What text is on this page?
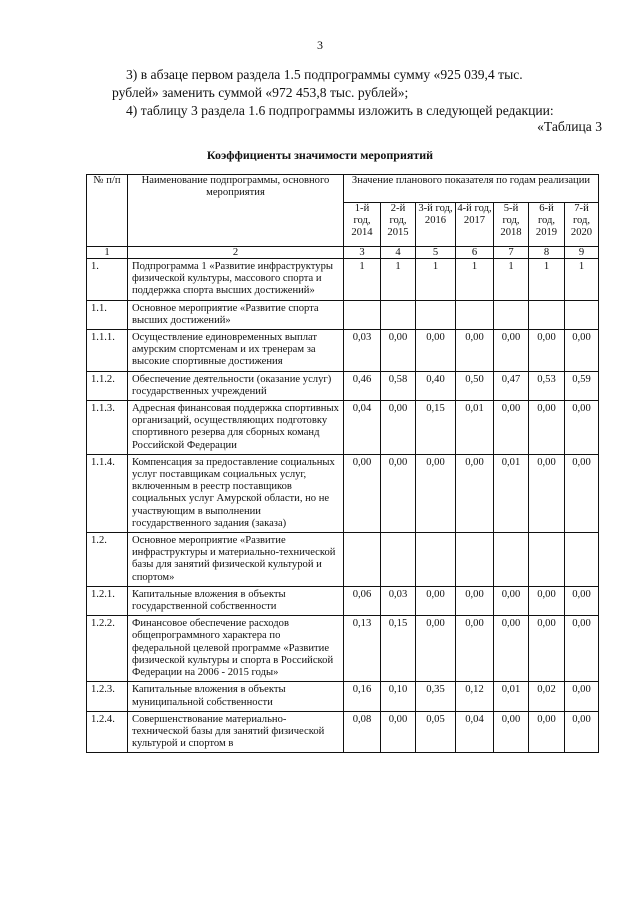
3
3) в абзаце первом раздела 1.5 подпрограммы сумму «925 039,4 тыс.
рублей» заменить суммой «972 453,8 тыс. рублей»;
4) таблицу 3 раздела 1.6 подпрограммы изложить в следующей редакции:
«Таблица 3
Коэффициенты значимости мероприятий
№ п/п	Наименование подпрограммы, основного мероприятия	Значение планового показателя по годам реализации						
		1-й год, 2014	2-й год, 2015	3-й год, 2016	4-й год, 2017	5-й год, 2018	6-й год, 2019	7-й год, 2020
1	2	3	4	5	6	7	8	9
1.	Подпрограмма 1 «Развитие инфраструктуры физической культуры, массового спорта и поддержка спорта высших достижений»	1	1	1	1	1	1	1
1.1.	Основное мероприятие «Развитие спорта высших достижений»							
1.1.1.	Осуществление единовременных выплат амурским спортсменам и их тренерам за высокие спортивные достижения	0,03	0,00	0,00	0,00	0,00	0,00	0,00
1.1.2.	Обеспечение деятельности (оказание услуг) государственных учреждений	0,46	0,58	0,40	0,50	0,47	0,53	0,59
1.1.3.	Адресная финансовая поддержка спортивных организаций, осуществляющих подготовку спортивного резерва для сборных команд Российской Федерации	0,04	0,00	0,15	0,01	0,00	0,00	0,00
1.1.4.	Компенсация за предоставление социальных услуг поставщикам социальных услуг, включенным в реестр поставщиков социальных услуг Амурской области, но не участвующим в выполнении государственного задания (заказа)	0,00	0,00	0,00	0,00	0,01	0,00	0,00
1.2.	Основное мероприятие «Развитие инфраструктуры и материально-технической базы для занятий физической культурой и спортом»							
1.2.1.	Капитальные вложения в объекты государственной собственности	0,06	0,03	0,00	0,00	0,00	0,00	0,00
1.2.2.	Финансовое обеспечение расходов общепрограммного характера по федеральной целевой программе «Развитие физической культуры и спорта в Российской Федерации на 2006 - 2015 годы»	0,13	0,15	0,00	0,00	0,00	0,00	0,00
1.2.3.	Капитальные вложения в объекты муниципальной собственности	0,16	0,10	0,35	0,12	0,01	0,02	0,00
1.2.4.	Совершенствование материально-технической базы для занятий физической культурой и спортом в	0,08	0,00	0,05	0,04	0,00	0,00	0,00
